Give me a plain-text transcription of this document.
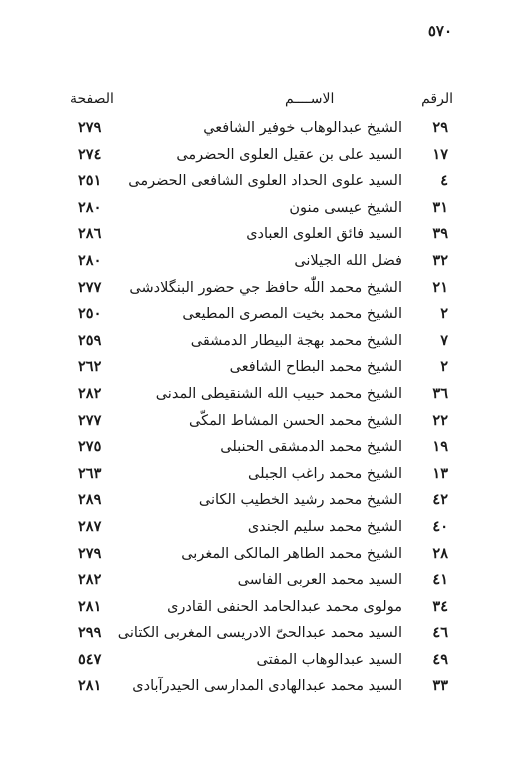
٥٧٠
الرقم
الاســــم
الصفحة
٢٩
الشيخ عبدالوهاب خوفير الشافعي
٢٧٩
١٧
السيد على بن عقيل العلوى الحضرمى
٢٧٤
٤
السيد علوى الحداد العلوى الشافعى الحضرمى
٢٥١
٣١
الشيخ عيسى منون
٢٨٠
٣٩
السيد فائق العلوى العبادى
٢٨٦
٣٢
فضل الله الجيلانى
٢٨٠
٢١
الشيخ محمد اللّٰه حافظ جي حضور البنگلادشى
٢٧٧
٢
الشيخ محمد بخيت المصرى المطيعى
٢٥٠
٧
الشيخ محمد بهجة البيطار الدمشقى
٢٥٩
٢
الشيخ محمد البطاح الشافعى
٢٦٢
٣٦
الشيخ محمد حبيب الله الشنقيطى المدنى
٢٨٢
٢٢
الشيخ محمد الحسن المشاط المكّى
٢٧٧
١٩
الشيخ محمد الدمشقى الحنبلى
٢٧٥
١٣
الشيخ محمد راغب الجبلى
٢٦٣
٤٢
الشيخ محمد رشيد الخطيب الكانى
٢٨٩
٤٠
الشيخ محمد سليم الجندى
٢٨٧
٢٨
الشيخ محمد الطاهر المالكى المغربى
٢٧٩
٤١
السيد محمد العربى الفاسى
٢٨٢
٣٤
مولوى محمد عبدالحامد الحنفى القادرى
٢٨١
٤٦
السيد محمد عبدالحىّ الادريسى المغربى الكتانى
٢٩٩
٤٩
السيد عبدالوهاب المفتى
٥٤٧
٣٣
السيد محمد عبدالهادى المدارسى الحيدرآبادى
٢٨١
